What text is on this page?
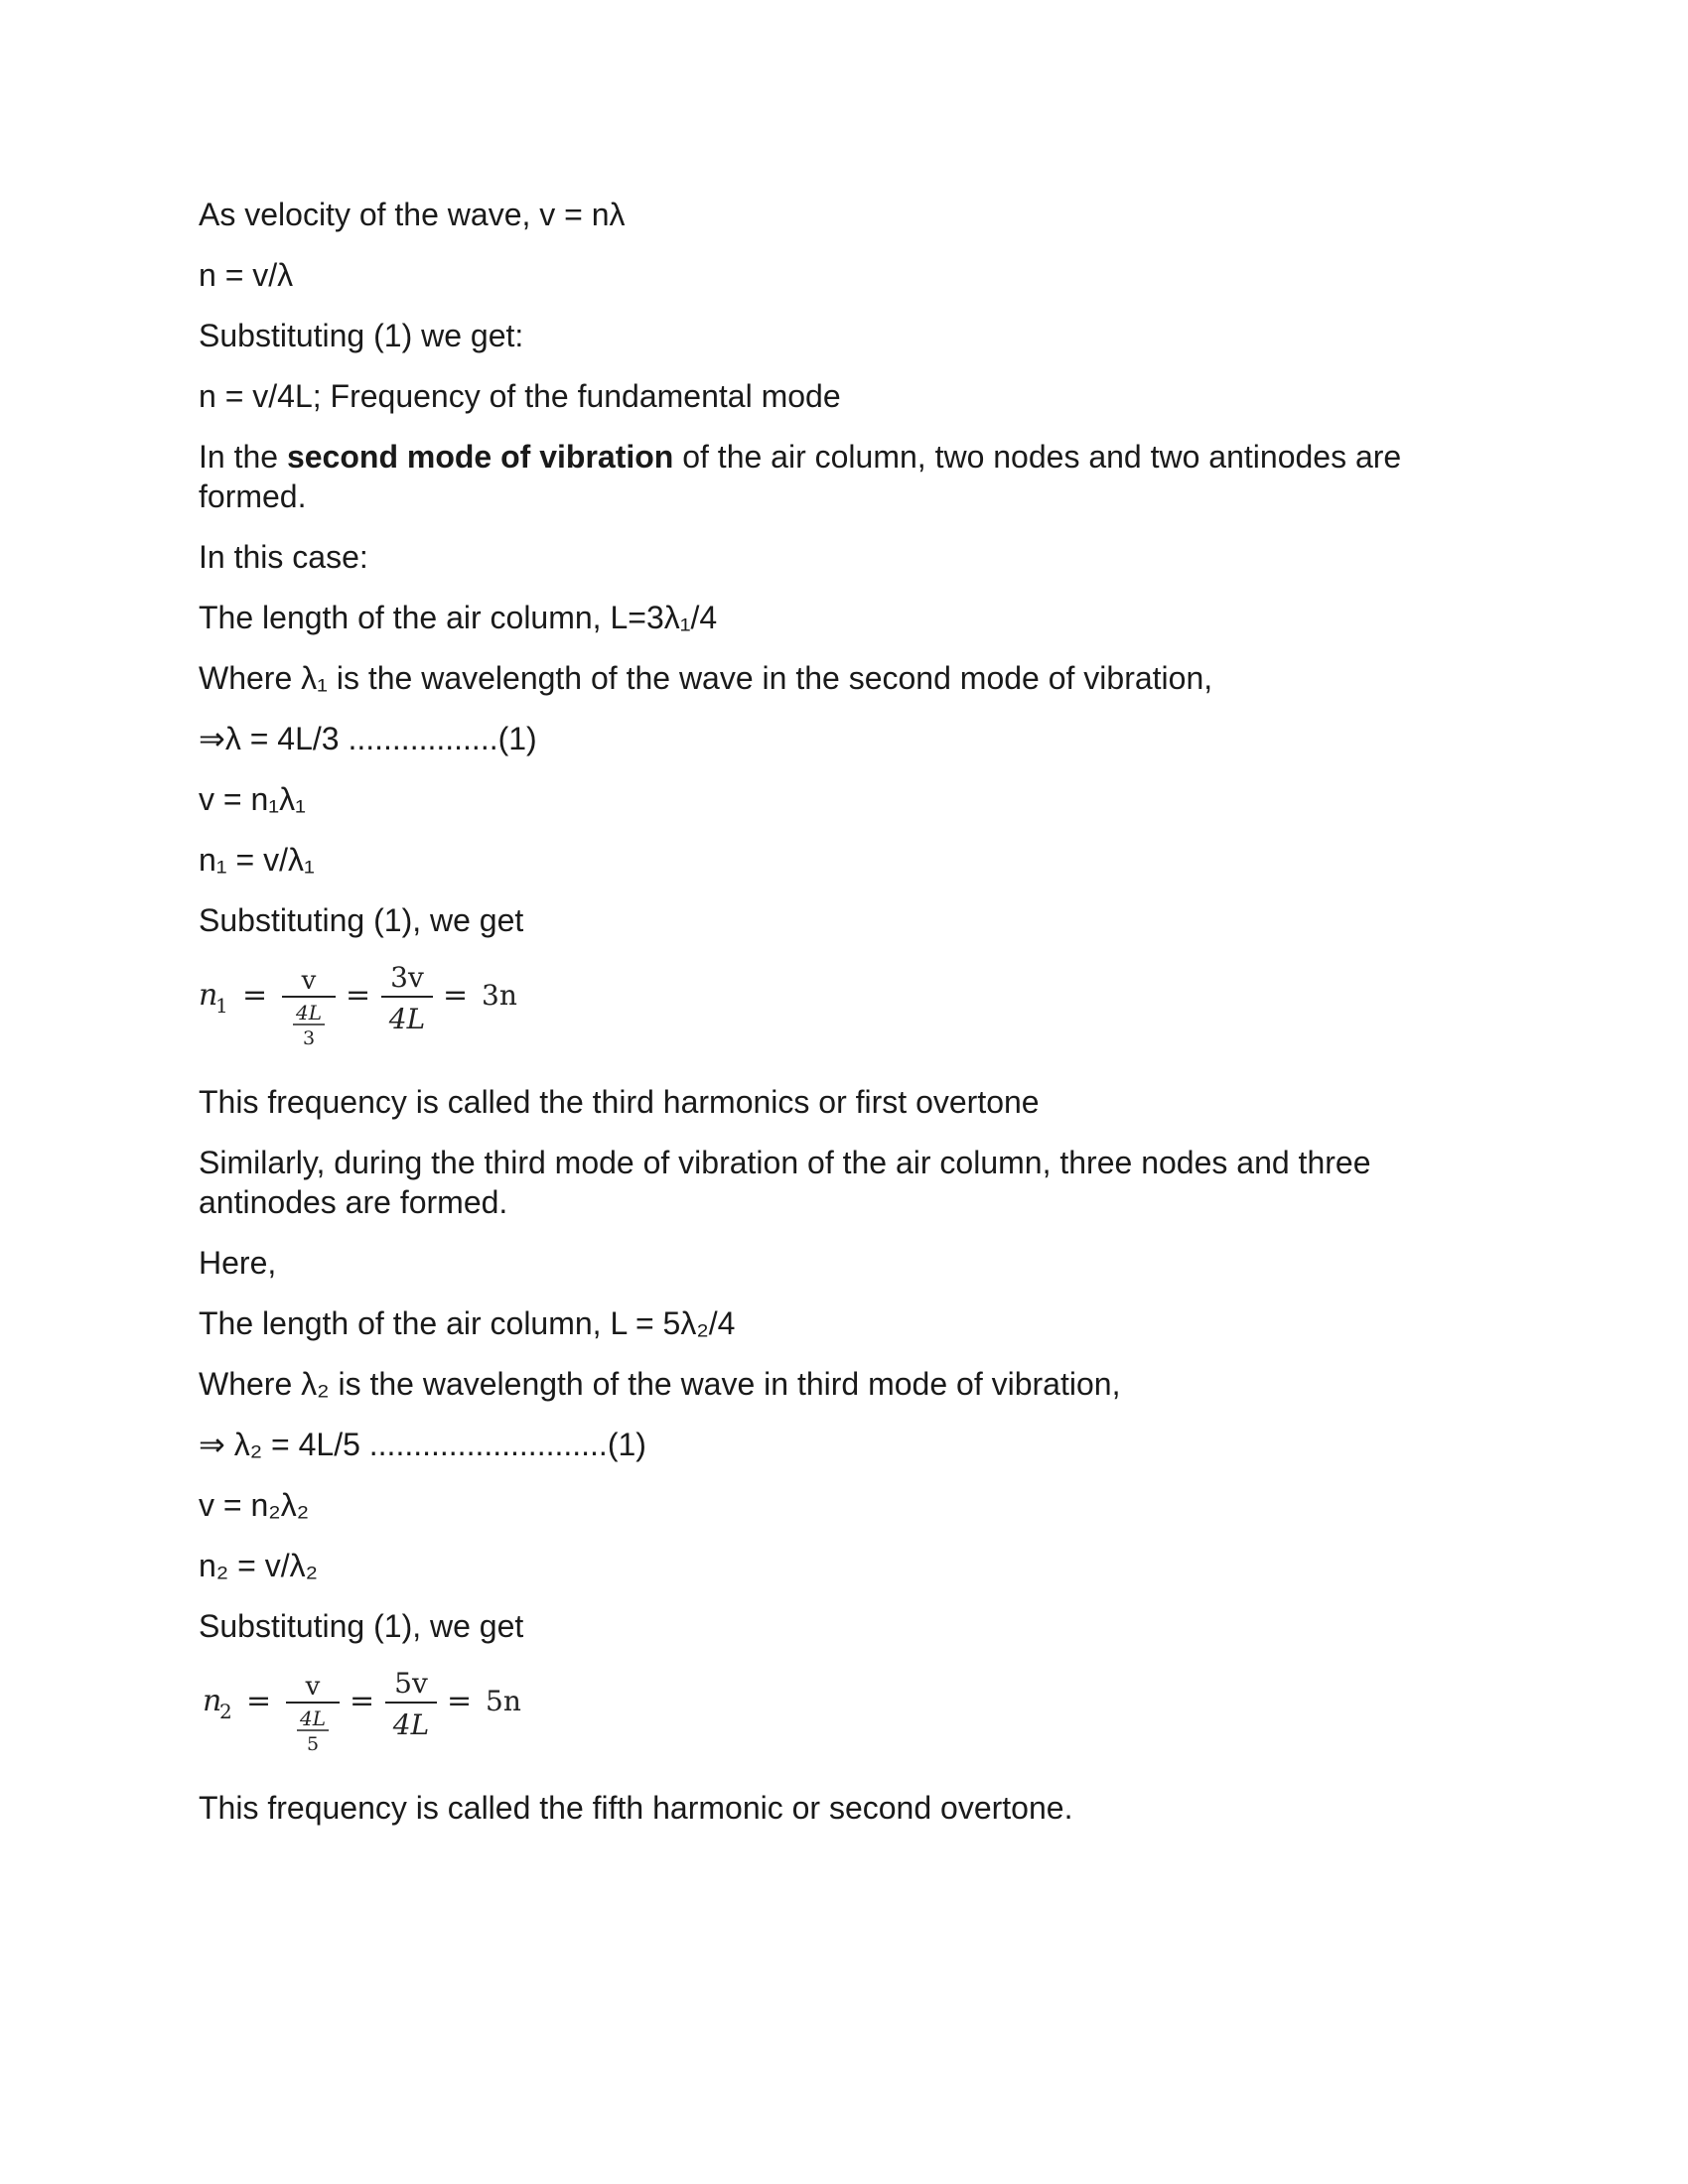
As velocity of the wave, v = nλ

n = v/λ

Substituting (1) we get:

n = v/4L; Frequency of the fundamental mode

In the second mode of vibration of the air column, two nodes and two antinodes are formed.

In this case:

The length of the air column, L=3λ₁/4

Where λ₁ is the wavelength of the wave in the second mode of vibration,

⇒λ = 4L/3 .................(1)

v = n₁λ₁

n₁ = v/λ₁

Substituting (1), we get

n
1 = v
4L
3
=
3v
4L
= 3n

This frequency is called the third harmonics or first overtone

Similarly, during the third mode of vibration of the air column, three nodes and three antinodes are formed.

Here,

The length of the air column, L = 5λ₂/4

Where λ₂ is the wavelength of the wave in third mode of vibration,

⇒ λ₂ = 4L/5 ...........................(1)

v = n₂λ₂

n₂ = v/λ₂

Substituting (1), we get

n
2 = v
4L
5
=
5v
4L
= 5n

This frequency is called the fifth harmonic or second overtone.
